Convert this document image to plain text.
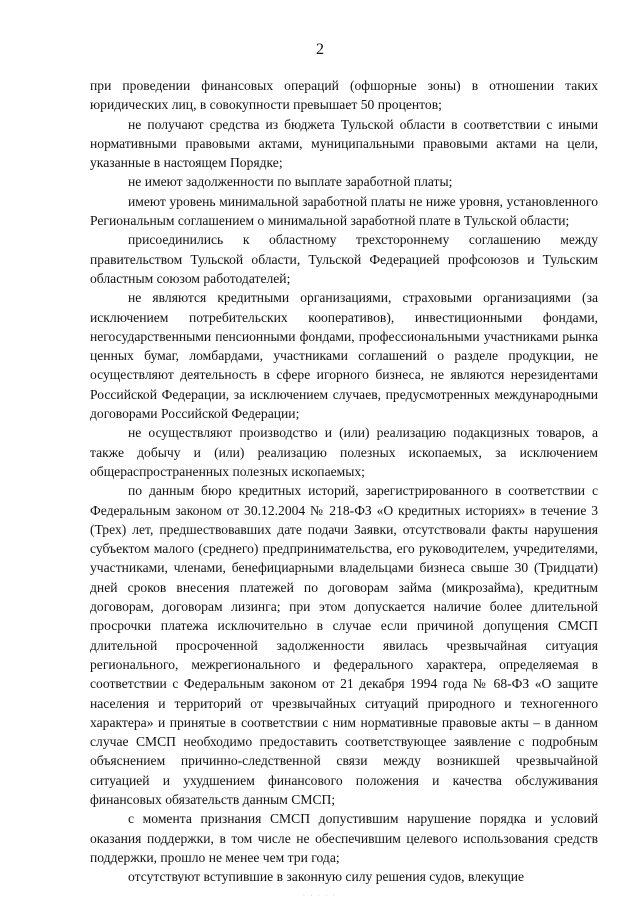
2

при проведении финансовых операций (офшорные зоны) в отношении таких юридических лиц, в совокупности превышает 50 процентов;

не получают средства из бюджета Тульской области в соответствии с иными нормативными правовыми актами, муниципальными правовыми актами на цели, указанные в настоящем Порядке;

не имеют задолженности по выплате заработной платы;

имеют уровень минимальной заработной платы не ниже уровня, установленного Региональным соглашением о минимальной заработной плате в Тульской области;

присоединились к областному трехстороннему соглашению между правительством Тульской области, Тульской Федерацией профсоюзов и Тульским областным союзом работодателей;

не являются кредитными организациями, страховыми организациями (за исключением потребительских кооперативов), инвестиционными фондами, негосударственными пенсионными фондами, профессиональными участниками рынка ценных бумаг, ломбардами, участниками соглашений о разделе продукции, не осуществляют деятельность в сфере игорного бизнеса, не являются нерезидентами Российской Федерации, за исключением случаев, предусмотренных международными договорами Российской Федерации;

не осуществляют производство и (или) реализацию подакцизных товаров, а также добычу и (или) реализацию полезных ископаемых, за исключением общераспространенных полезных ископаемых;

по данным бюро кредитных историй, зарегистрированного в соответствии с Федеральным законом от 30.12.2004 № 218-ФЗ «О кредитных историях» в течение 3 (Трех) лет, предшествовавших дате подачи Заявки, отсутствовали факты нарушения субъектом малого (среднего) предпринимательства, его руководителем, учредителями, участниками, членами, бенефициарными владельцами бизнеса свыше 30 (Тридцати) дней сроков внесения платежей по договорам займа (микрозайма), кредитным договорам, договорам лизинга; при этом допускается наличие более длительной просрочки платежа исключительно в случае если причиной допущения СМСП длительной просроченной задолженности явилась чрезвычайная ситуация регионального, межрегионального и федерального характера, определяемая в соответствии с Федеральным законом от 21 декабря 1994 года № 68-ФЗ «О защите населения и территорий от чрезвычайных ситуаций природного и техногенного характера» и принятые в соответствии с ним нормативные правовые акты – в данном случае СМСП необходимо предоставить соответствующее заявление с подробным объяснением причинно-следственной связи между возникшей чрезвычайной ситуацией и ухудшением финансового положения и качества обслуживания финансовых обязательств данным СМСП;

с момента признания СМСП допустившим нарушение порядка и условий оказания поддержки, в том числе не обеспечившим целевого использования средств поддержки, прошло не менее чем три года;

отсутствуют вступившие в законную силу решения судов, влекущие

· · · · ·
